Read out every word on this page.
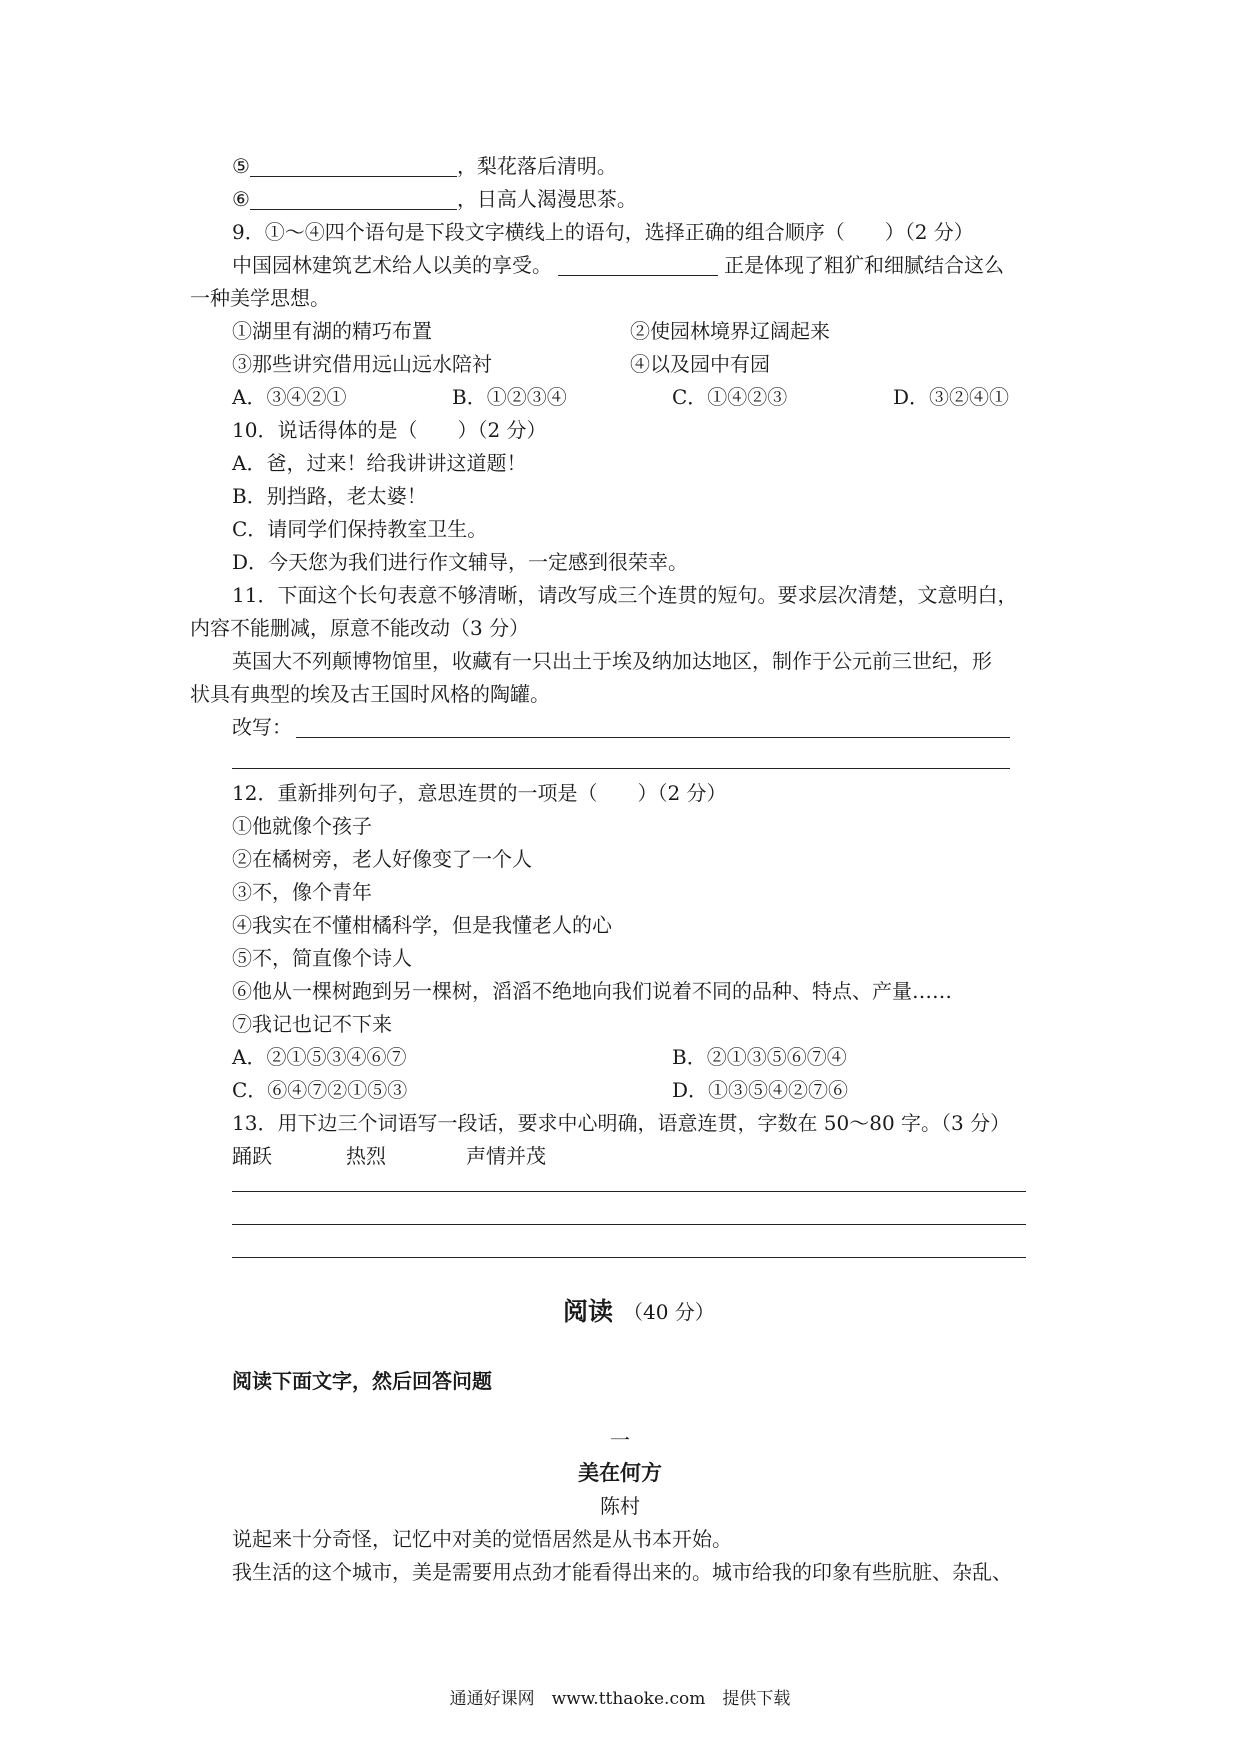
⑤	，梨花落后清明。
⑥	，日高人渴漫思茶。
9．①～④四个语句是下段文字横线上的语句，选择正确的组合顺序（　　）（2 分）
中国园林建筑艺术给人以美的享受。	正是体现了粗犷和细腻结合这么
一种美学思想。
①湖里有湖的精巧布置	②使园林境界辽阔起来
③那些讲究借用远山远水陪衬	④以及园中有园
A．③④②①	B．①②③④	C．①④②③	D．③②④①
10．说话得体的是（　　）（2 分）
A．爸，过来！给我讲讲这道题！
B．别挡路，老太婆！
C．请同学们保持教室卫生。
D．今天您为我们进行作文辅导，一定感到很荣幸。
11．下面这个长句表意不够清晰，请改写成三个连贯的短句。要求层次清楚，文意明白，
内容不能删减，原意不能改动（3 分）
英国大不列颠博物馆里，收藏有一只出土于埃及纳加达地区，制作于公元前三世纪，形
状具有典型的埃及古王国时风格的陶罐。
改写：
12．重新排列句子，意思连贯的一项是（　　）（2 分）
①他就像个孩子
②在橘树旁，老人好像变了一个人
③不，像个青年
④我实在不懂柑橘科学，但是我懂老人的心
⑤不，简直像个诗人
⑥他从一棵树跑到另一棵树，滔滔不绝地向我们说着不同的品种、特点、产量……
⑦我记也记不下来
A．②①⑤③④⑥⑦	B．②①③⑤⑥⑦④
C．⑥④⑦②①⑤③	D．①③⑤④②⑦⑥
13．用下边三个词语写一段话，要求中心明确，语意连贯，字数在 50～80 字。（3 分）
踊跃	热烈	声情并茂
阅读 （40 分）
阅读下面文字，然后回答问题
一
美在何方
陈村
说起来十分奇怪，记忆中对美的觉悟居然是从书本开始。
我生活的这个城市，美是需要用点劲才能看得出来的。城市给我的印象有些肮脏、杂乱、
通通好课网　www.tthaoke.com　提供下载
